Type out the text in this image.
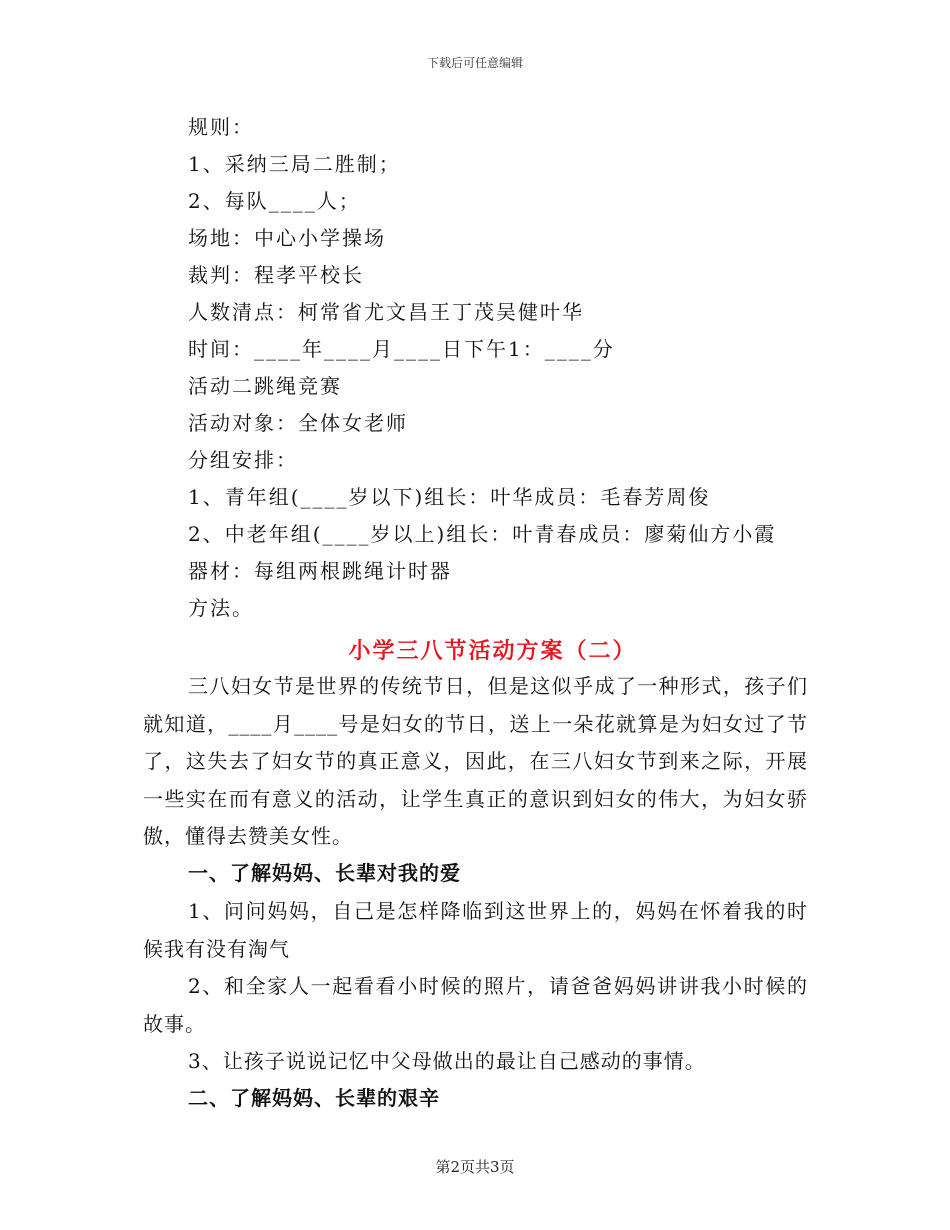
下载后可任意编辑
规则：
1、采纳三局二胜制；
2、每队____人；
场地：中心小学操场
裁判：程孝平校长
人数清点：柯常省尤文昌王丁茂吴健叶华
时间：____年____月____日下午1：____分
活动二跳绳竞赛
活动对象：全体女老师
分组安排：
1、青年组(____岁以下)组长：叶华成员：毛春芳周俊
2、中老年组(____岁以上)组长：叶青春成员：廖菊仙方小霞
器材：每组两根跳绳计时器
方法。
小学三八节活动方案（二）
三八妇女节是世界的传统节日，但是这似乎成了一种形式，孩子们就知道，____月____号是妇女的节日，送上一朵花就算是为妇女过了节了，这失去了妇女节的真正意义，因此，在三八妇女节到来之际，开展一些实在而有意义的活动，让学生真正的意识到妇女的伟大，为妇女骄傲，懂得去赞美女性。
一、了解妈妈、长辈对我的爱
1、问问妈妈，自己是怎样降临到这世界上的，妈妈在怀着我的时候我有没有淘气
2、和全家人一起看看小时候的照片，请爸爸妈妈讲讲我小时候的故事。
3、让孩子说说记忆中父母做出的最让自己感动的事情。
二、了解妈妈、长辈的艰辛
第2页共3页
